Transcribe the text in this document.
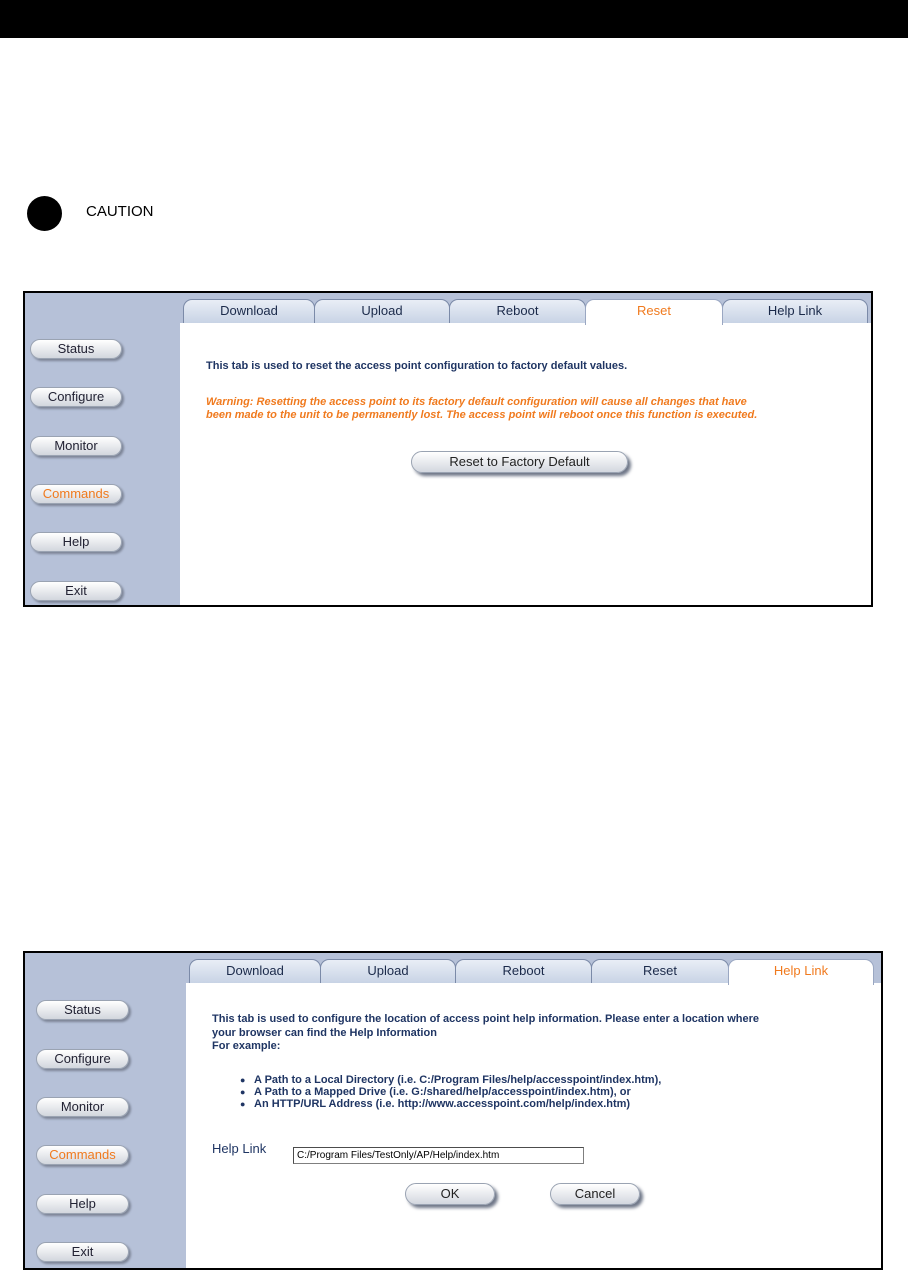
CAUTION
Download	Upload	Reboot	Reset	Help Link
Status
Configure
Monitor
Commands
Help
Exit
This tab is used to reset the access point configuration to factory default values.
Warning: Resetting the access point to its factory default configuration will cause all changes that have
been made to the unit to be permanently lost. The access point will reboot once this function is executed.
Reset to Factory Default
Download	Upload	Reboot	Reset	Help Link
Status
Configure
Monitor
Commands
Help
Exit
This tab is used to configure the location of access point help information. Please enter a location where
your browser can find the Help Information
For example:
● A Path to a Local Directory (i.e. C:/Program Files/help/accesspoint/index.htm),
● A Path to a Mapped Drive (i.e. G:/shared/help/accesspoint/index.htm), or
● An HTTP/URL Address (i.e. http://www.accesspoint.com/help/index.htm)
Help Link
C:/Program Files/TestOnly/AP/Help/index.htm
OK	Cancel
